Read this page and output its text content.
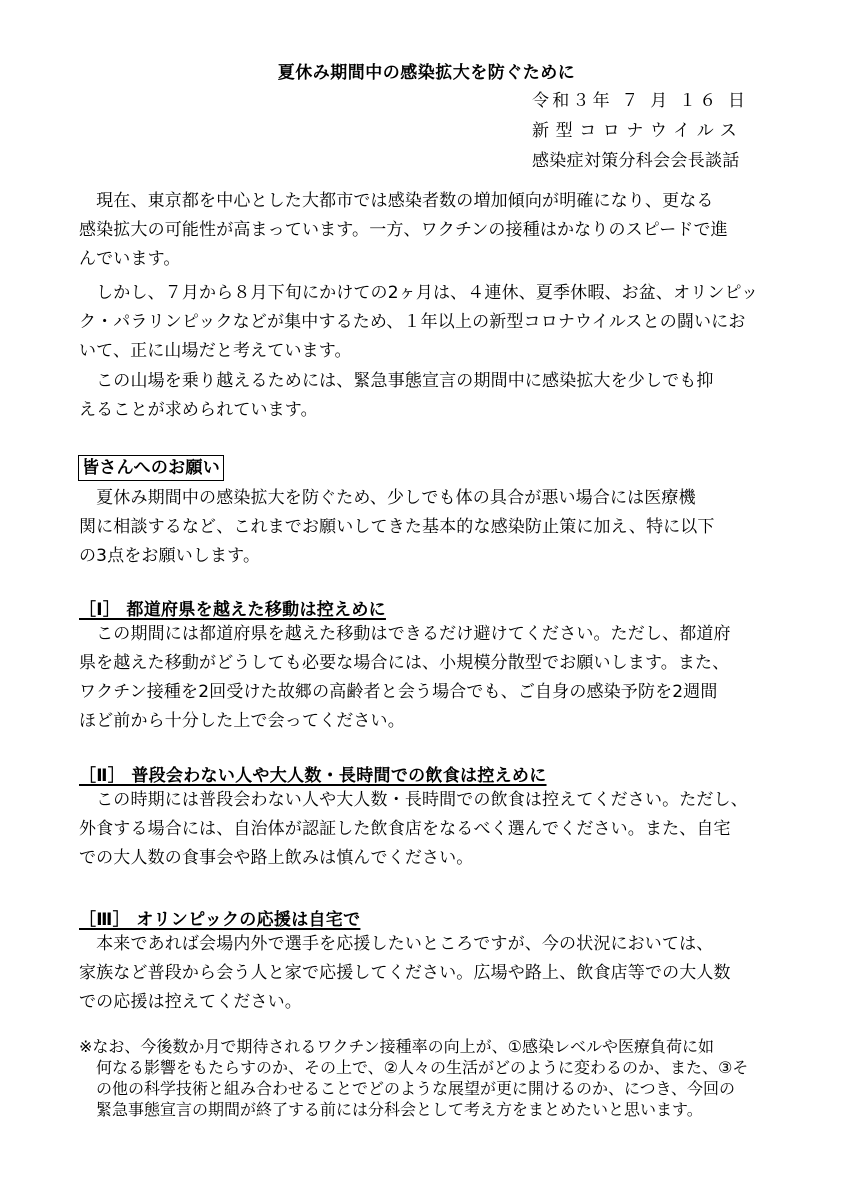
夏休み期間中の感染拡大を防ぐために
令和３年 ７ 月 １６ 日
新型コロナウイルス
感染症対策分科会会長談話

　現在、東京都を中心とした大都市では感染者数の増加傾向が明確になり、更なる
感染拡大の可能性が高まっています。一方、ワクチンの接種はかなりのスピードで進
んでいます。

　しかし、７月から８月下旬にかけての2ヶ月は、４連休、夏季休暇、お盆、オリンピッ
ク・パラリンピックなどが集中するため、１年以上の新型コロナウイルスとの闘いにお
いて、正に山場だと考えています。

　この山場を乗り越えるためには、緊急事態宣言の期間中に感染拡大を少しでも抑
えることが求められています。

皆さんへのお願い

　夏休み期間中の感染拡大を防ぐため、少しでも体の具合が悪い場合には医療機
関に相談するなど、これまでお願いしてきた基本的な感染防止策に加え、特に以下
の3点をお願いします。

［Ⅰ］ 都道府県を越えた移動は控えめに

　この期間には都道府県を越えた移動はできるだけ避けてください。ただし、都道府
県を越えた移動がどうしても必要な場合には、小規模分散型でお願いします。また、
ワクチン接種を2回受けた故郷の高齢者と会う場合でも、ご自身の感染予防を2週間
ほど前から十分した上で会ってください。

［Ⅱ］ 普段会わない人や大人数・長時間での飲食は控えめに

　この時期には普段会わない人や大人数・長時間での飲食は控えてください。ただし、
外食する場合には、自治体が認証した飲食店をなるべく選んでください。また、自宅
での大人数の食事会や路上飲みは慎んでください。

［Ⅲ］ オリンピックの応援は自宅で

　本来であれば会場内外で選手を応援したいところですが、今の状況においては、
家族など普段から会う人と家で応援してください。広場や路上、飲食店等での大人数
での応援は控えてください。

※なお、今後数か月で期待されるワクチン接種率の向上が、①感染レベルや医療負荷に如
何なる影響をもたらすのか、その上で、②人々の生活がどのように変わるのか、また、③そ
の他の科学技術と組み合わせることでどのような展望が更に開けるのか、につき、今回の
緊急事態宣言の期間が終了する前には分科会として考え方をまとめたいと思います。
